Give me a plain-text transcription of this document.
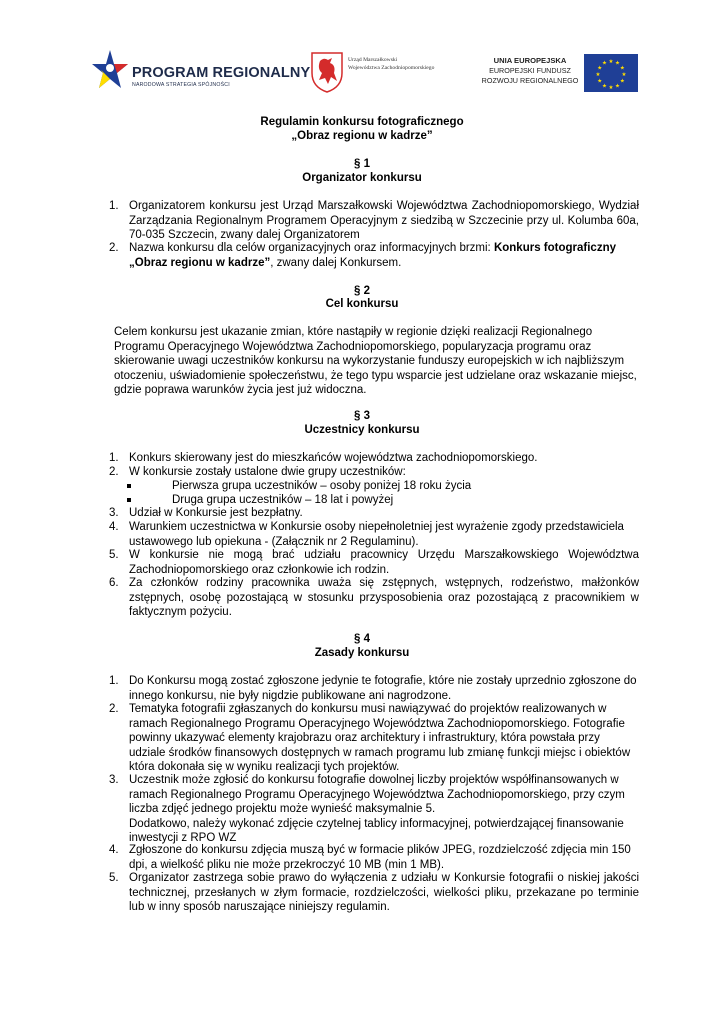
PROGRAM REGIONALNY
NARODOWA STRATEGIA SPÓJNOŚCI
Urząd Marszałkowski
Województwa Zachodniopomorskiego
UNIA EUROPEJSKA
EUROPEJSKI FUNDUSZ
ROZWOJU REGIONALNEGO
★ ★
★
★
★
★
★
★
★
★
★
★
Regulamin konkursu fotograficznego
„Obraz regionu w kadrze”
§ 1
Organizator konkursu
1. Organizatorem konkursu jest Urząd Marszałkowski Województwa Zachodniopomorskiego, Wydział Zarządzania Regionalnym Programem Operacyjnym z siedzibą w Szczecinie przy ul. Kolumba 60a, 70-035 Szczecin, zwany dalej Organizatorem
2. Nazwa konkursu dla celów organizacyjnych oraz informacyjnych brzmi: Konkurs fotograficzny „Obraz regionu w kadrze”, zwany dalej Konkursem.
§ 2
Cel konkursu
Celem konkursu jest ukazanie zmian, które nastąpiły w regionie dzięki realizacji Regionalnego Programu Operacyjnego Województwa Zachodniopomorskiego, popularyzacja programu oraz skierowanie uwagi uczestników konkursu na wykorzystanie funduszy europejskich w ich najbliższym otoczeniu, uświadomienie społeczeństwu, że tego typu wsparcie jest udzielane oraz wskazanie miejsc, gdzie poprawa warunków życia jest już widoczna.
§ 3
Uczestnicy konkursu
1. Konkurs skierowany jest do mieszkańców województwa zachodniopomorskiego.
2. W konkursie zostały ustalone dwie grupy uczestników:
Pierwsza grupa uczestników – osoby poniżej 18 roku życia
Druga grupa uczestników – 18 lat i powyżej
3. Udział w Konkursie jest bezpłatny.
4. Warunkiem uczestnictwa w Konkursie osoby niepełnoletniej jest wyrażenie zgody przedstawiciela ustawowego lub opiekuna - (Załącznik nr 2 Regulaminu).
5. W konkursie nie mogą brać udziału pracownicy Urzędu Marszałkowskiego Województwa Zachodniopomorskiego oraz członkowie ich rodzin.
6. Za członków rodziny pracownika uważa się zstępnych, wstępnych, rodzeństwo, małżonków zstępnych, osobę pozostającą w stosunku przysposobienia oraz pozostającą z pracownikiem w faktycznym pożyciu.
§ 4
Zasady konkursu
1. Do Konkursu mogą zostać zgłoszone jedynie te fotografie, które nie zostały uprzednio zgłoszone do innego konkursu, nie były nigdzie publikowane ani nagrodzone.
2. Tematyka fotografii zgłaszanych do konkursu musi nawiązywać do projektów realizowanych w ramach Regionalnego Programu Operacyjnego Województwa Zachodniopomorskiego. Fotografie powinny ukazywać elementy krajobrazu oraz architektury i infrastruktury, która powstała przy udziale środków finansowych dostępnych w ramach programu lub zmianę funkcji miejsc i obiektów która dokonała się w wyniku realizacji tych projektów.
3. Uczestnik może zgłosić do konkursu fotografie dowolnej liczby projektów współfinansowanych w ramach Regionalnego Programu Operacyjnego Województwa Zachodniopomorskiego, przy czym liczba zdjęć jednego projektu może wynieść maksymalnie 5.
Dodatkowo, należy wykonać zdjęcie czytelnej tablicy informacyjnej, potwierdzającej finansowanie inwestycji z RPO WZ
4. Zgłoszone do konkursu zdjęcia muszą być w formacie plików JPEG, rozdzielczość zdjęcia min 150 dpi, a wielkość pliku nie może przekroczyć 10 MB (min 1 MB).
5. Organizator zastrzega sobie prawo do wyłączenia z udziału w Konkursie fotografii o niskiej jakości technicznej, przesłanych w złym formacie, rozdzielczości, wielkości pliku, przekazane po terminie lub w inny sposób naruszające niniejszy regulamin.
